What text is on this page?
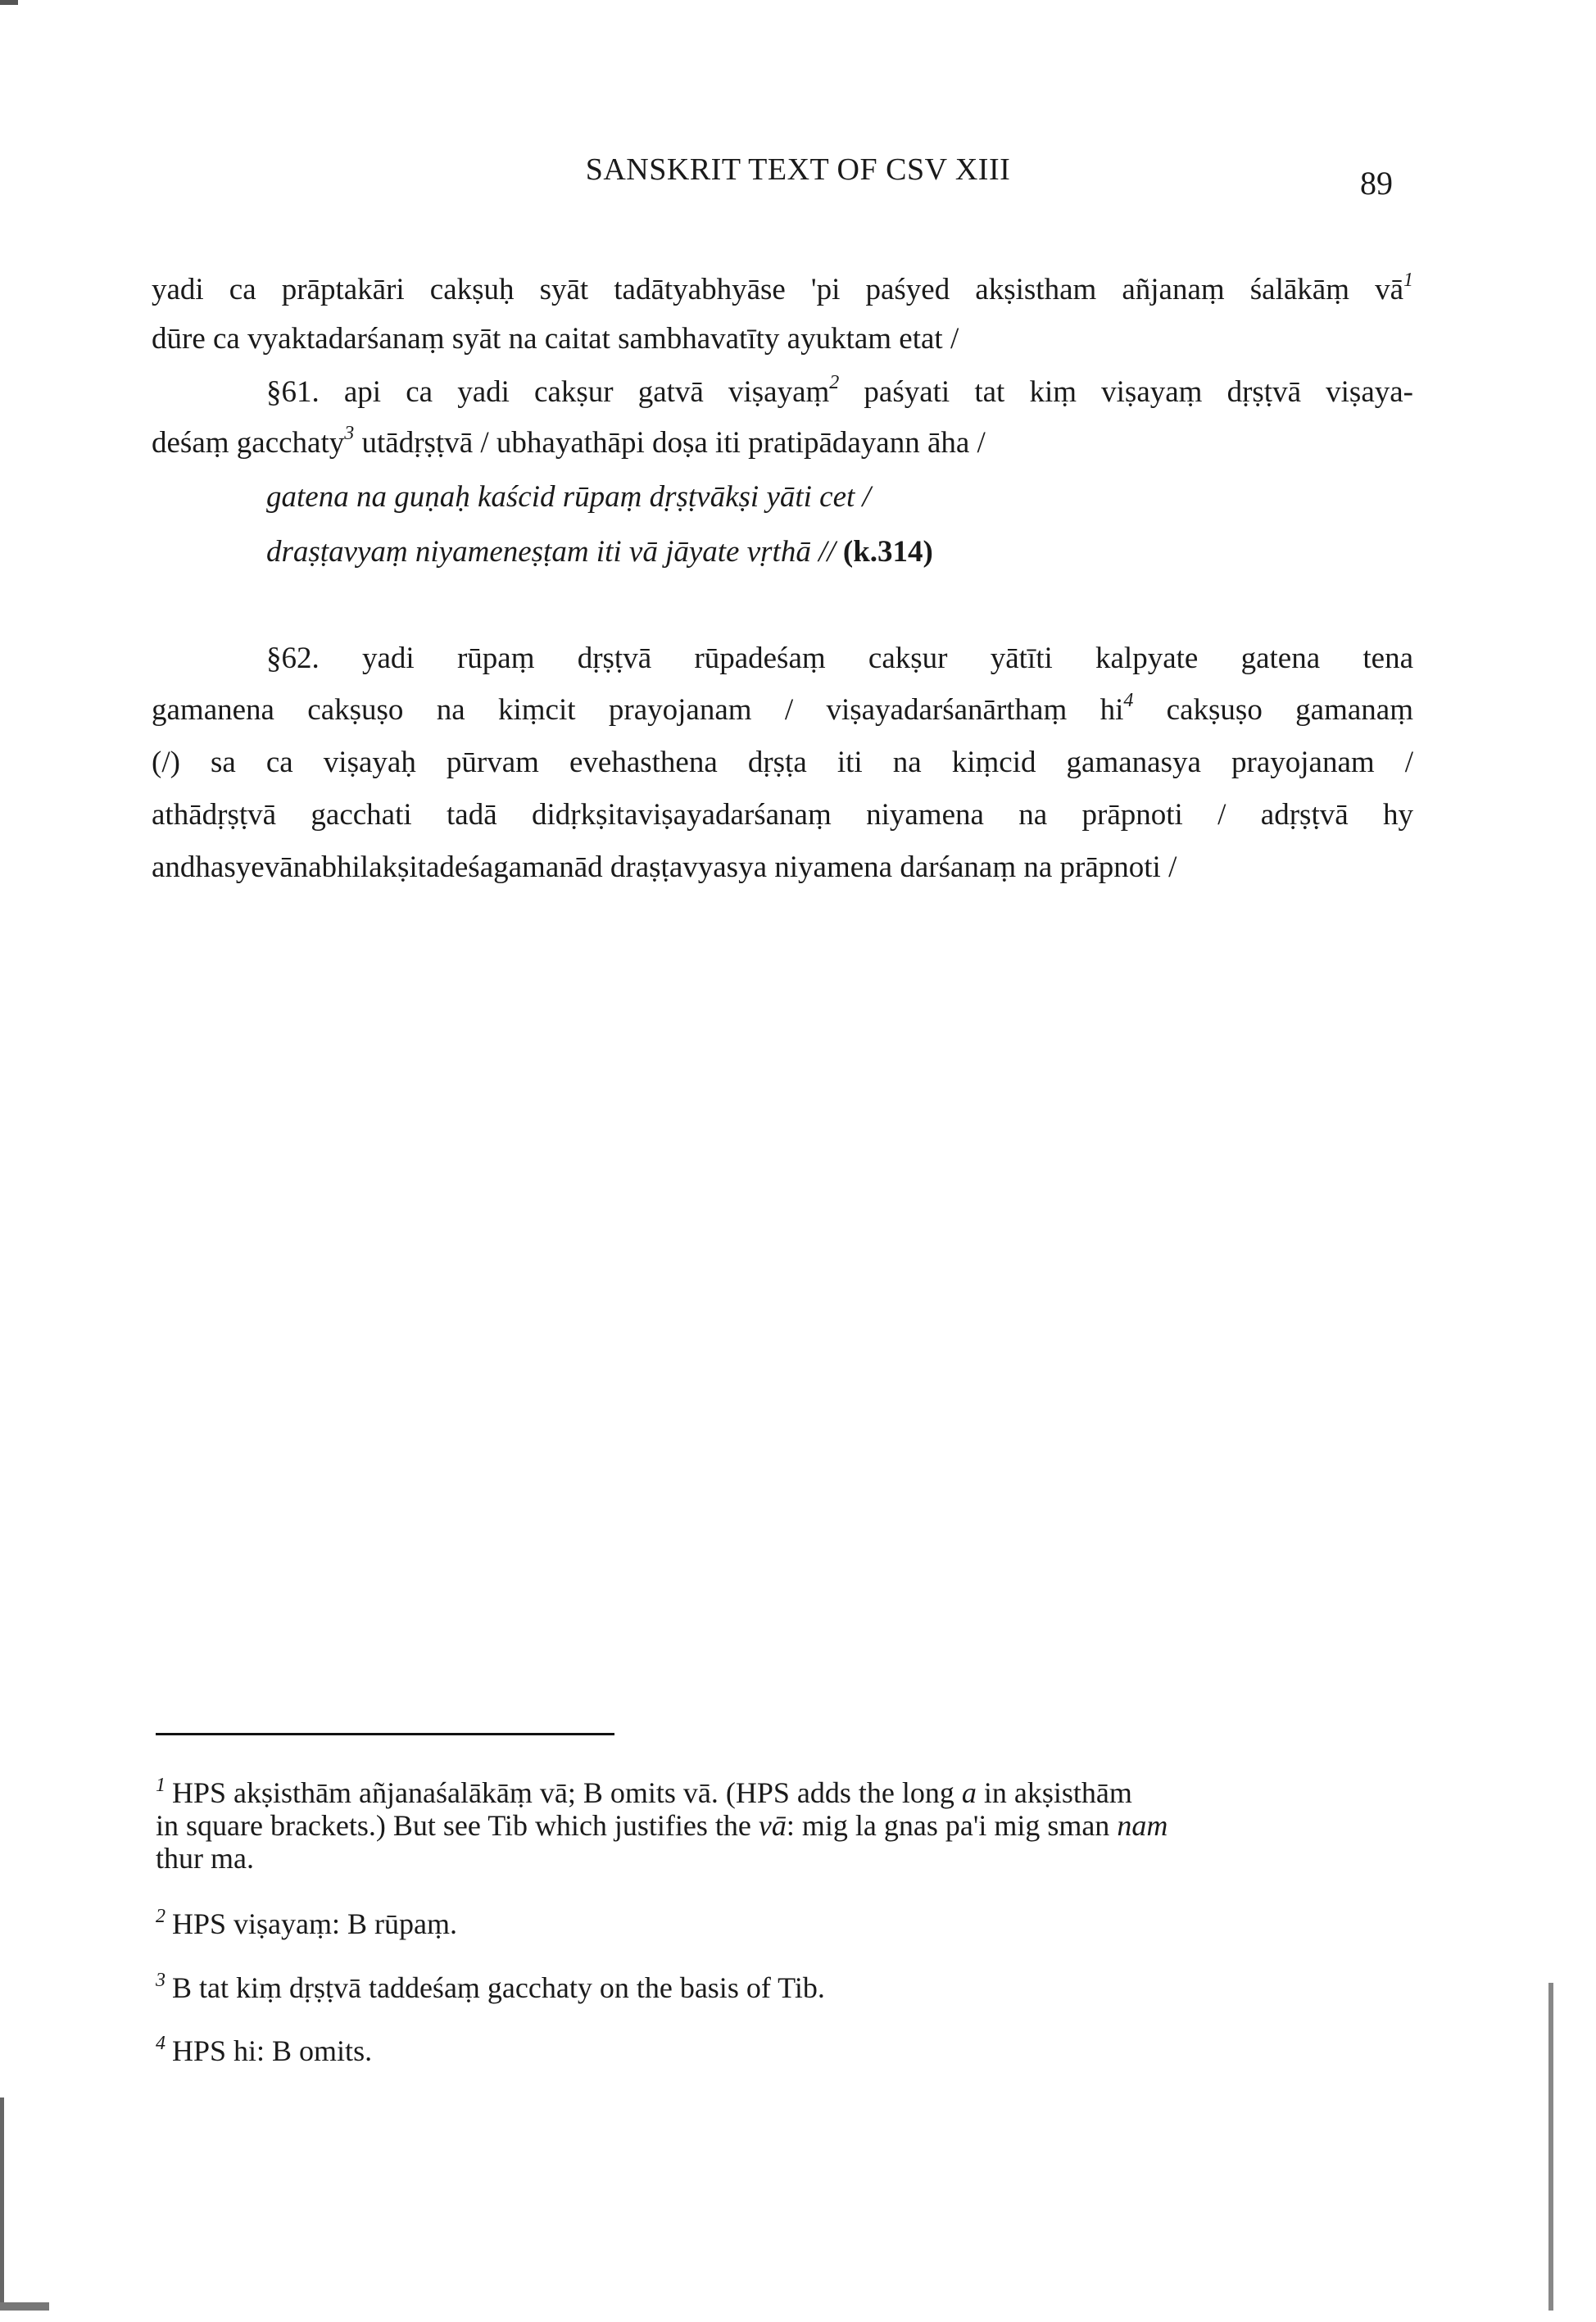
SANSKRIT TEXT OF CSV XIII	89
yadi ca prāptakāri cakṣuḥ syāt tadātyabhyāse 'pi paśyed akṣistham añjanaṃ śalākāṃ $vā^1$
dūre ca vyaktadarśanaṃ syāt na caitat sambhavatīty ayuktam etat /
§61. api ca yadi cakṣur gatvā viṣayaṃ$^2$ paśyati tat kiṃ viṣayaṃ dṛṣṭvā viṣaya-
deśaṃ gacchaty$^3$ utādṛṣṭvā / ubhayathāpi doṣa iti pratipādayann āha /
gatena na guṇaḥ kaścid rūpaṃ dṛṣṭvākṣi yāti cet /
draṣṭavyaṃ niyameneṣṭam iti vā jāyate vṛthā // (k.314)
§62. yadi rūpaṃ dṛṣṭvā rūpadeśaṃ cakṣur yātīti kalpyate gatena tena
gamanena cakṣuṣo na kiṃcit prayojanam / viṣayadarśanārthaṃ $hi^4$ cakṣuṣo gamanaṃ
(/) sa ca viṣayaḥ pūrvam evehasthena dṛṣṭa iti na kiṃcid gamanasya prayojanam /
athādṛṣṭvā gacchati tadā didṛkṣitaviṣayadarśanaṃ niyamena na prāpnoti / adṛṣṭvā hy
andhasyevānabhilakṣitadeśagamanād draṣṭavyasya niyamena darśanaṃ na prāpnoti /
$^1$ HPS akṣisthām añjanaśalākāṃ vā; B omits vā. (HPS adds the long a in akṣisthām
in square brackets.) But see Tib which justifies the vā: mig la gnas pa'i mig sman nam
thur ma.
$^2$ HPS viṣayaṃ: B rūpaṃ.
$^3$ B tat kiṃ dṛṣṭvā taddeśaṃ gacchaty on the basis of Tib.
$^4$ HPS hi: B omits.
